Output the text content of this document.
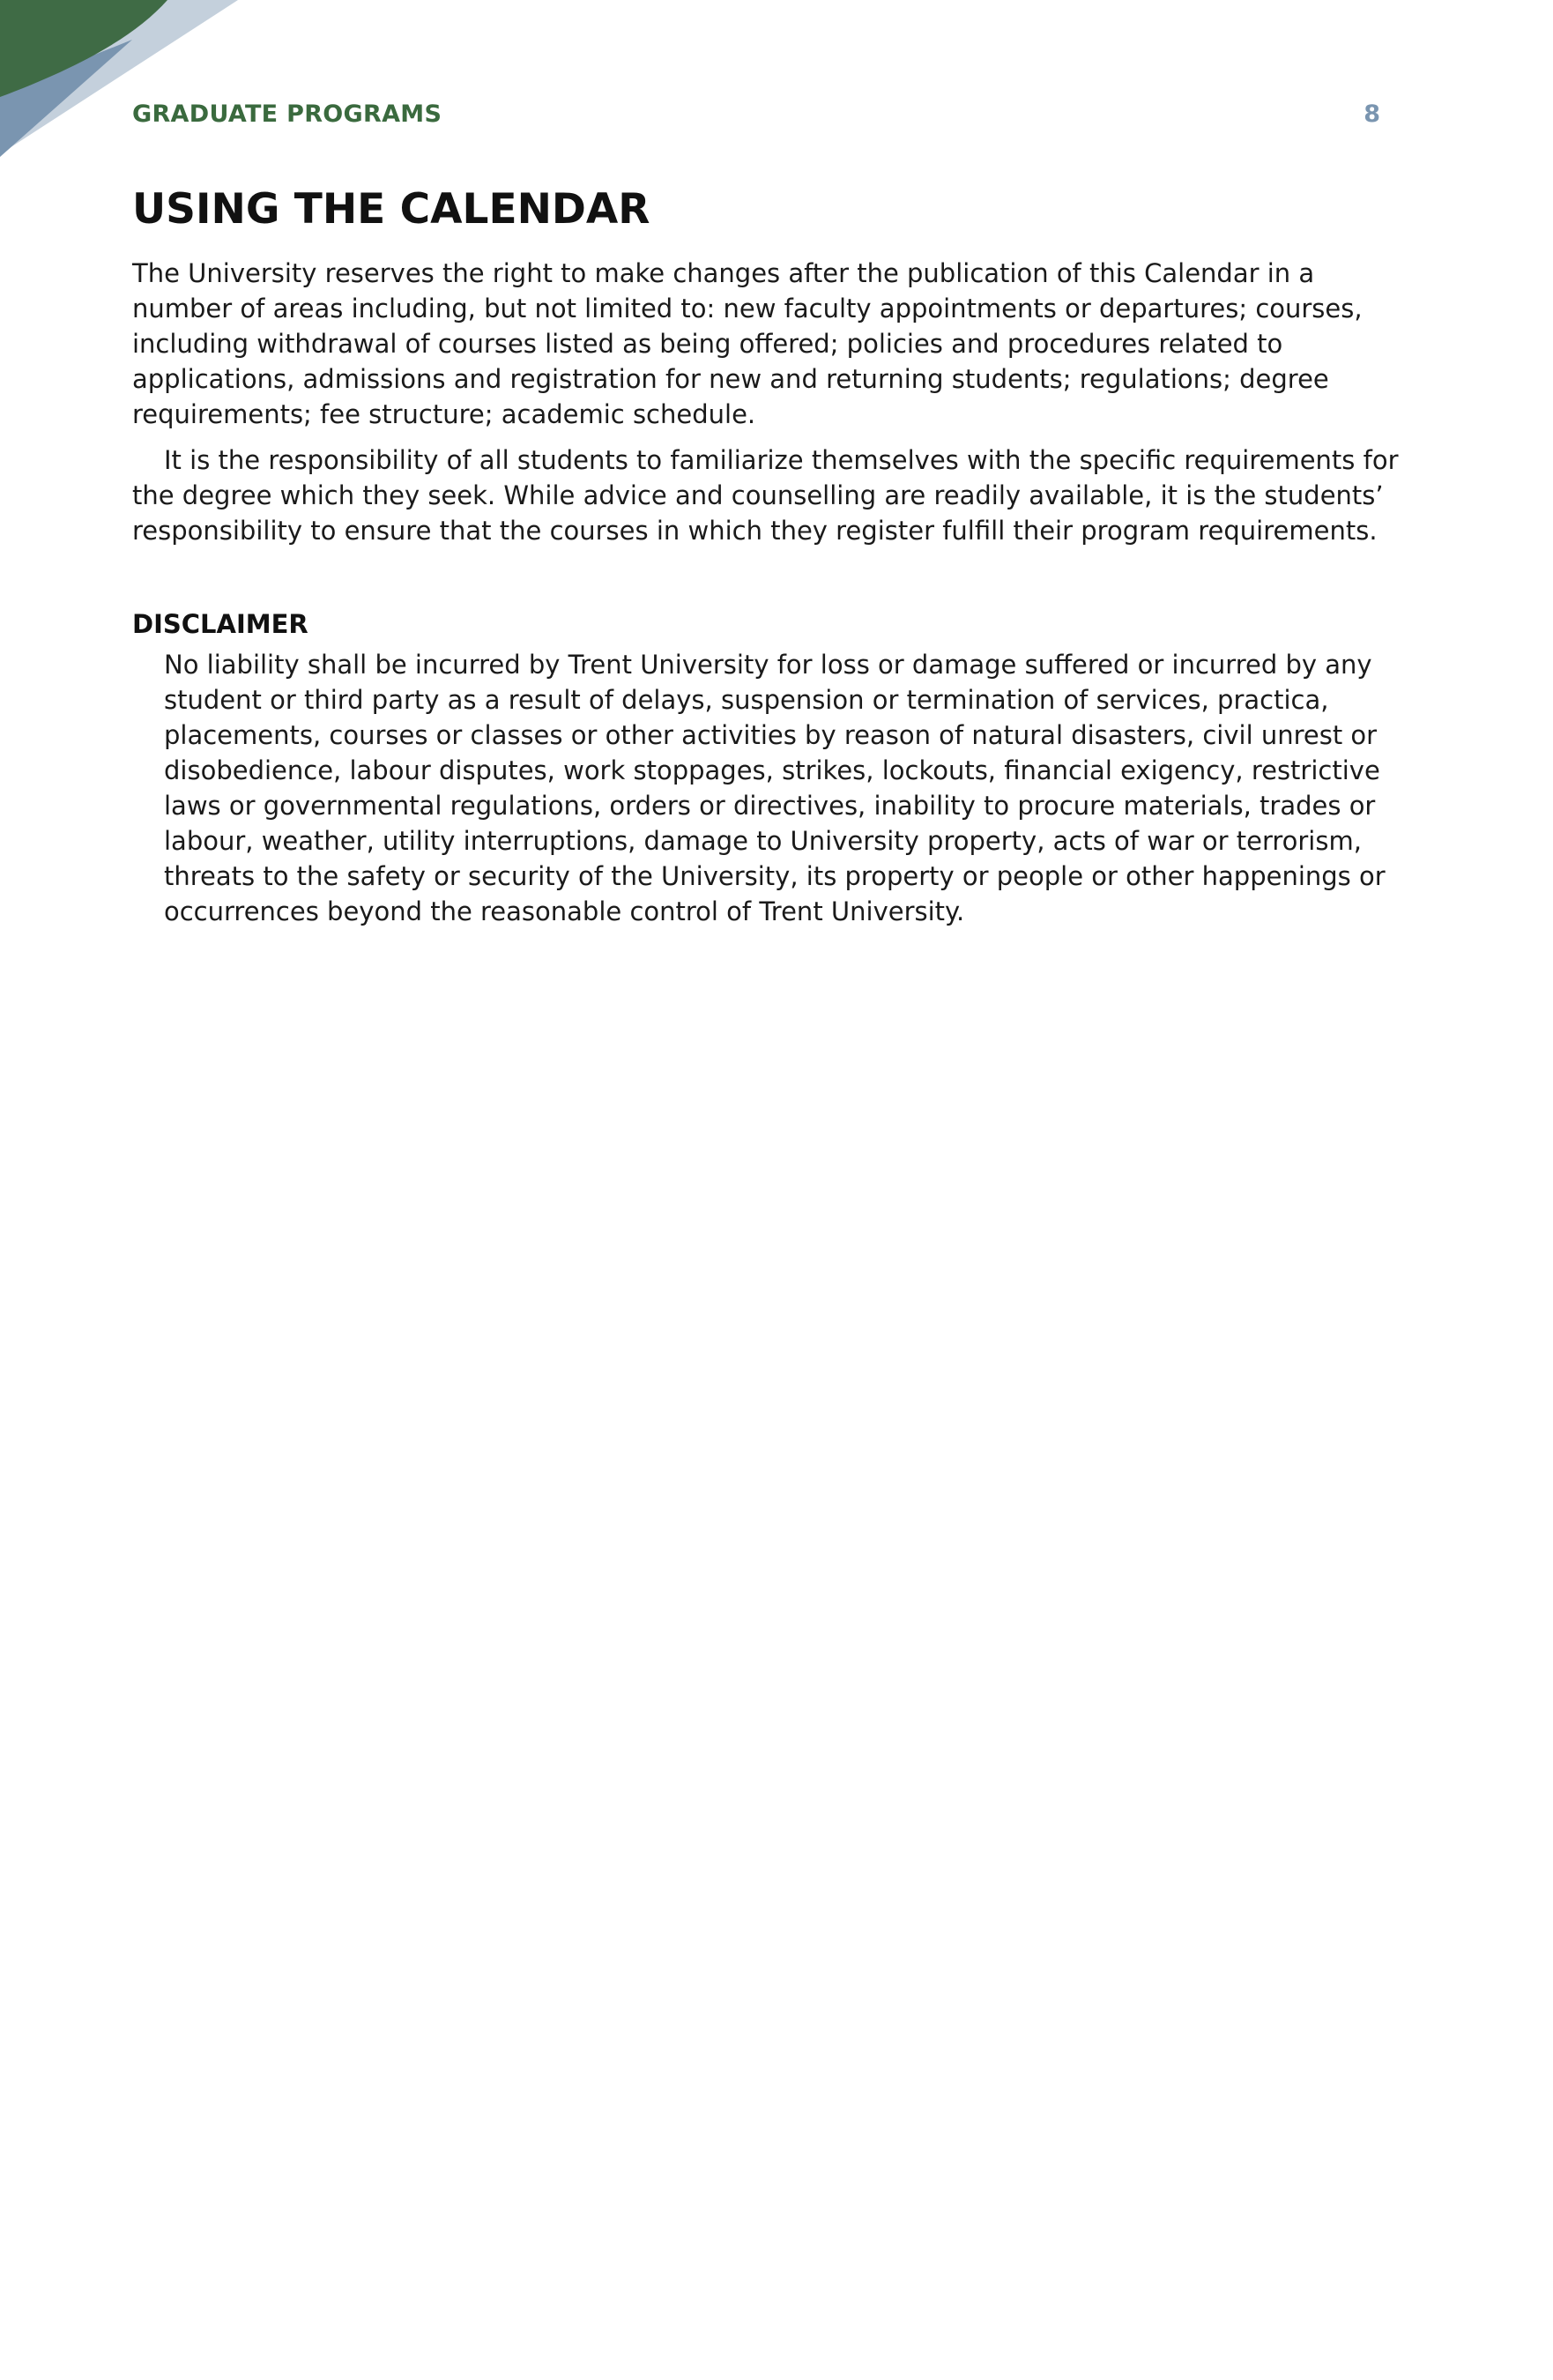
GRADUATE PROGRAMS	8
USING THE CALENDAR

The University reserves the right to make changes after the publication of this Calendar in a number of areas including, but not limited to: new faculty appointments or departures; courses, including withdrawal of courses listed as being offered; policies and procedures related to applications, admissions and registration for new and returning students; regulations; degree requirements; fee structure; academic schedule.

It is the responsibility of all students to familiarize themselves with the specific requirements for the degree which they seek. While advice and counselling are readily available, it is the students’ responsibility to ensure that the courses in which they register fulfill their program requirements.

DISCLAIMER

No liability shall be incurred by Trent University for loss or damage suffered or incurred by any student or third party as a result of delays, suspension or termination of services, practica, placements, courses or classes or other activities by reason of natural disasters, civil unrest or disobedience, labour disputes, work stoppages, strikes, lockouts, financial exigency, restrictive laws or governmental regulations, orders or directives, inability to procure materials, trades or labour, weather, utility interruptions, damage to University property, acts of war or terrorism, threats to the safety or security of the University, its property or people or other happenings or occurrences beyond the reasonable control of Trent University.
